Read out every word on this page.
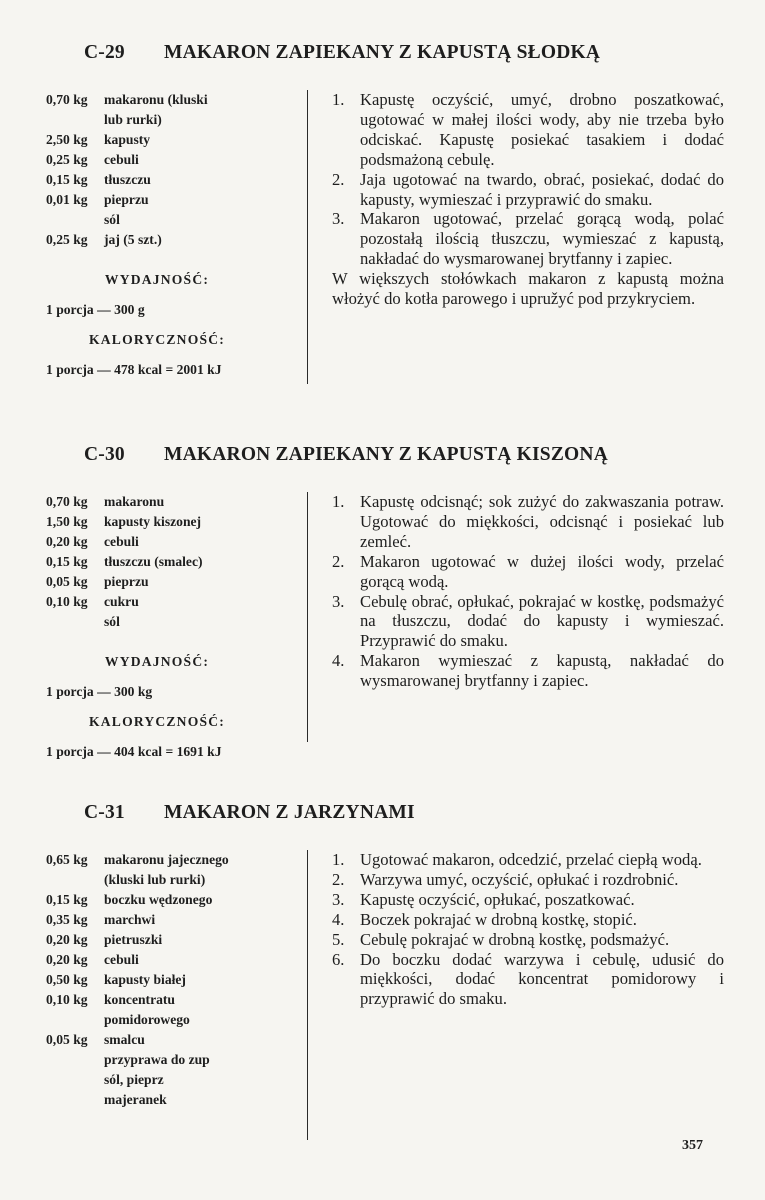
C-29 MAKARON ZAPIEKANY Z KAPUSTĄ SŁODKĄ
0,70 kg	makaronu (kluski
lub rurki)
2,50 kg	kapusty
0,25 kg	cebuli
0,15 kg	tłuszczu
0,01 kg	pieprzu
sól
0,25 kg	jaj (5 szt.)
WYDAJNOŚĆ:
1 porcja — 300 g
KALORYCZNOŚĆ:
1 porcja — 478 kcal = 2001 kJ
1. Kapustę oczyścić, umyć, drobno poszatkować, ugotować w małej ilości wody, aby nie trzeba było odciskać. Kapustę posiekać tasakiem i dodać podsmażoną cebulę.
2. Jaja ugotować na twardo, obrać, posiekać, dodać do kapusty, wymieszać i przyprawić do smaku.
3. Makaron ugotować, przelać gorącą wodą, polać pozostałą ilością tłuszczu, wymieszać z kapustą, nakładać do wysmarowanej brytfanny i zapiec.
W większych stołówkach makaron z kapustą można włożyć do kotła parowego i upružyć pod przykryciem.
C-30 MAKARON ZAPIEKANY Z KAPUSTĄ KISZONĄ
0,70 kg	makaronu
1,50 kg	kapusty kiszonej
0,20 kg	cebuli
0,15 kg	tłuszczu (smalec)
0,05 kg	pieprzu
0,10 kg	cukru
sól
WYDAJNOŚĆ:
1 porcja — 300 kg
KALORYCZNOŚĆ:
1 porcja — 404 kcal = 1691 kJ
1. Kapustę odcisnąć; sok zużyć do zakwaszania potraw. Ugotować do miękkości, odcisnąć i posiekać lub zemleć.
2. Makaron ugotować w dużej ilości wody, przelać gorącą wodą.
3. Cebulę obrać, opłukać, pokrajać w kostkę, podsmażyć na tłuszczu, dodać do kapusty i wymieszać. Przyprawić do smaku.
4. Makaron wymieszać z kapustą, nakładać do wysmarowanej brytfanny i zapiec.
C-31 MAKARON Z JARZYNAMI
0,65 kg	makaronu jajecznego
(kluski lub rurki)
0,15 kg	boczku wędzonego
0,35 kg	marchwi
0,20 kg	pietruszki
0,20 kg	cebuli
0,50 kg	kapusty białej
0,10 kg	koncentratu
pomidorowego
0,05 kg	smalcu
przyprawa do zup
sól, pieprz
majeranek
1. Ugotować makaron, odcedzić, przelać ciepłą wodą.
2. Warzywa umyć, oczyścić, opłukać i rozdrobnić.
3. Kapustę oczyścić, opłukać, poszatkować.
4. Boczek pokrajać w drobną kostkę, stopić.
5. Cebulę pokrajać w drobną kostkę, podsmażyć.
6. Do boczku dodać warzywa i cebulę, udusić do miękkości, dodać koncentrat pomidorowy i przyprawić do smaku.
357
